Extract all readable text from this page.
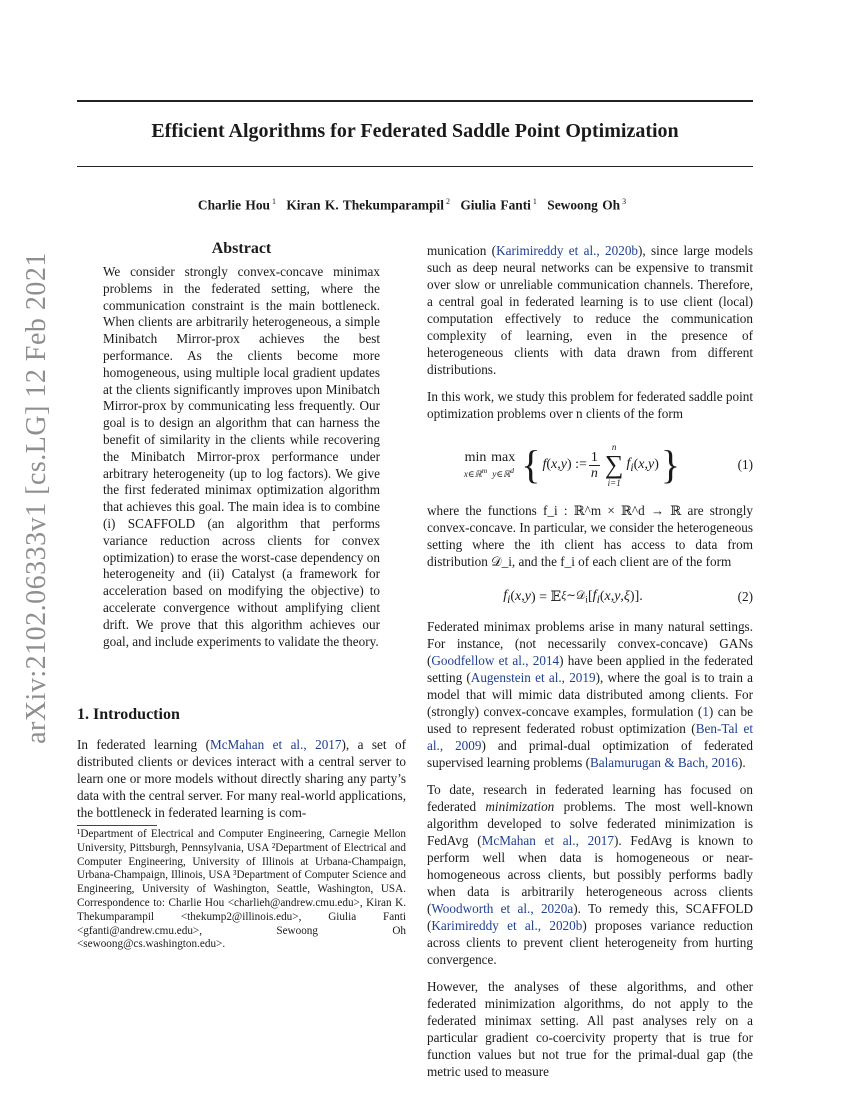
arXiv:2102.06333v1 [cs.LG] 12 Feb 2021
Efficient Algorithms for Federated Saddle Point Optimization
Charlie Hou $^1$ Kiran K. Thekumparampil $^2$ Giulia Fanti $^1$ Sewoong Oh $^3$
Abstract

We consider strongly convex-concave minimax problems in the federated setting, where the communication constraint is the main bottleneck. When clients are arbitrarily heterogeneous, a simple Minibatch Mirror-prox achieves the best performance. As the clients become more homogeneous, using multiple local gradient updates at the clients significantly improves upon Minibatch Mirror-prox by communicating less frequently. Our goal is to design an algorithm that can harness the benefit of similarity in the clients while recovering the Minibatch Mirror-prox performance under arbitrary heterogeneity (up to log factors). We give the first federated minimax optimization algorithm that achieves this goal. The main idea is to combine (i) SCAFFOLD (an algorithm that performs variance reduction across clients for convex optimization) to erase the worst-case dependency on heterogeneity and (ii) Catalyst (a framework for acceleration based on modifying the objective) to accelerate convergence without amplifying client drift. We prove that this algorithm achieves our goal, and include experiments to validate the theory.

1. Introduction

In federated learning (McMahan et al., 2017), a set of distributed clients or devices interact with a central server to learn one or more models without directly sharing any party’s data with the central server. For many real-world applications, the bottleneck in federated learning is com-

¹Department of Electrical and Computer Engineering, Carnegie Mellon University, Pittsburgh, Pennsylvania, USA ²Department of Electrical and Computer Engineering, University of Illinois at Urbana-Champaign, Urbana-Champaign, Illinois, USA ³Department of Computer Science and Engineering, University of Washington, Seattle, Washington, USA. Correspondence to: Charlie Hou <charlieh@andrew.cmu.edu>, Kiran K. Thekumparampil <thekump2@illinois.edu>, Giulia Fanti <gfanti@andrew.cmu.edu>, Sewoong Oh <sewoong@cs.washington.edu>.

munication (Karimireddy et al., 2020b), since large models such as deep neural networks can be expensive to transmit over slow or unreliable communication channels. Therefore, a central goal in federated learning is to use client (local) computation effectively to reduce the communication complexity of learning, even in the presence of heterogeneous clients with data drawn from different distributions.

In this work, we study this problem for federated saddle point optimization problems over n clients of the form

min
x∈ℝ$^m$
max
y∈ℝ$^d$ { f ( x , y ) := $\frac{1}{n}$
n
∑
i=1
$f_i$ ( x , y ) }	(1)

where the functions f_i : ℝ^m × ℝ^d → ℝ are strongly convex-concave. In particular, we consider the heterogeneous setting where the ith client has access to data from distribution 𝒟_i, and the f_i of each client are of the form

$f_i$ ( x , y ) = 𝔼 ξ∼𝒟$_i$ [ $f_i$ ( x , y , ξ )].	(2)

Federated minimax problems arise in many natural settings. For instance, (not necessarily convex-concave) GANs (Goodfellow et al., 2014) have been applied in the federated setting (Augenstein et al., 2019), where the goal is to train a model that will mimic data distributed among clients. For (strongly) convex-concave examples, formulation (1) can be used to represent federated robust optimization (Ben-Tal et al., 2009) and primal-dual optimization of federated supervised learning problems (Balamurugan & Bach, 2016).

To date, research in federated learning has focused on federated minimization problems. The most well-known algorithm developed to solve federated minimization is FedAvg (McMahan et al., 2017). FedAvg is known to perform well when data is homogeneous or near-homogeneous across clients, but possibly performs badly when data is arbitrarily heterogeneous across clients (Woodworth et al., 2020a). To remedy this, SCAFFOLD (Karimireddy et al., 2020b) proposes variance reduction across clients to prevent client heterogeneity from hurting convergence.

However, the analyses of these algorithms, and other federated minimization algorithms, do not apply to the federated minimax setting. All past analyses rely on a particular gradient co-coercivity property that is true for function values but not true for the primal-dual gap (the metric used to measure
